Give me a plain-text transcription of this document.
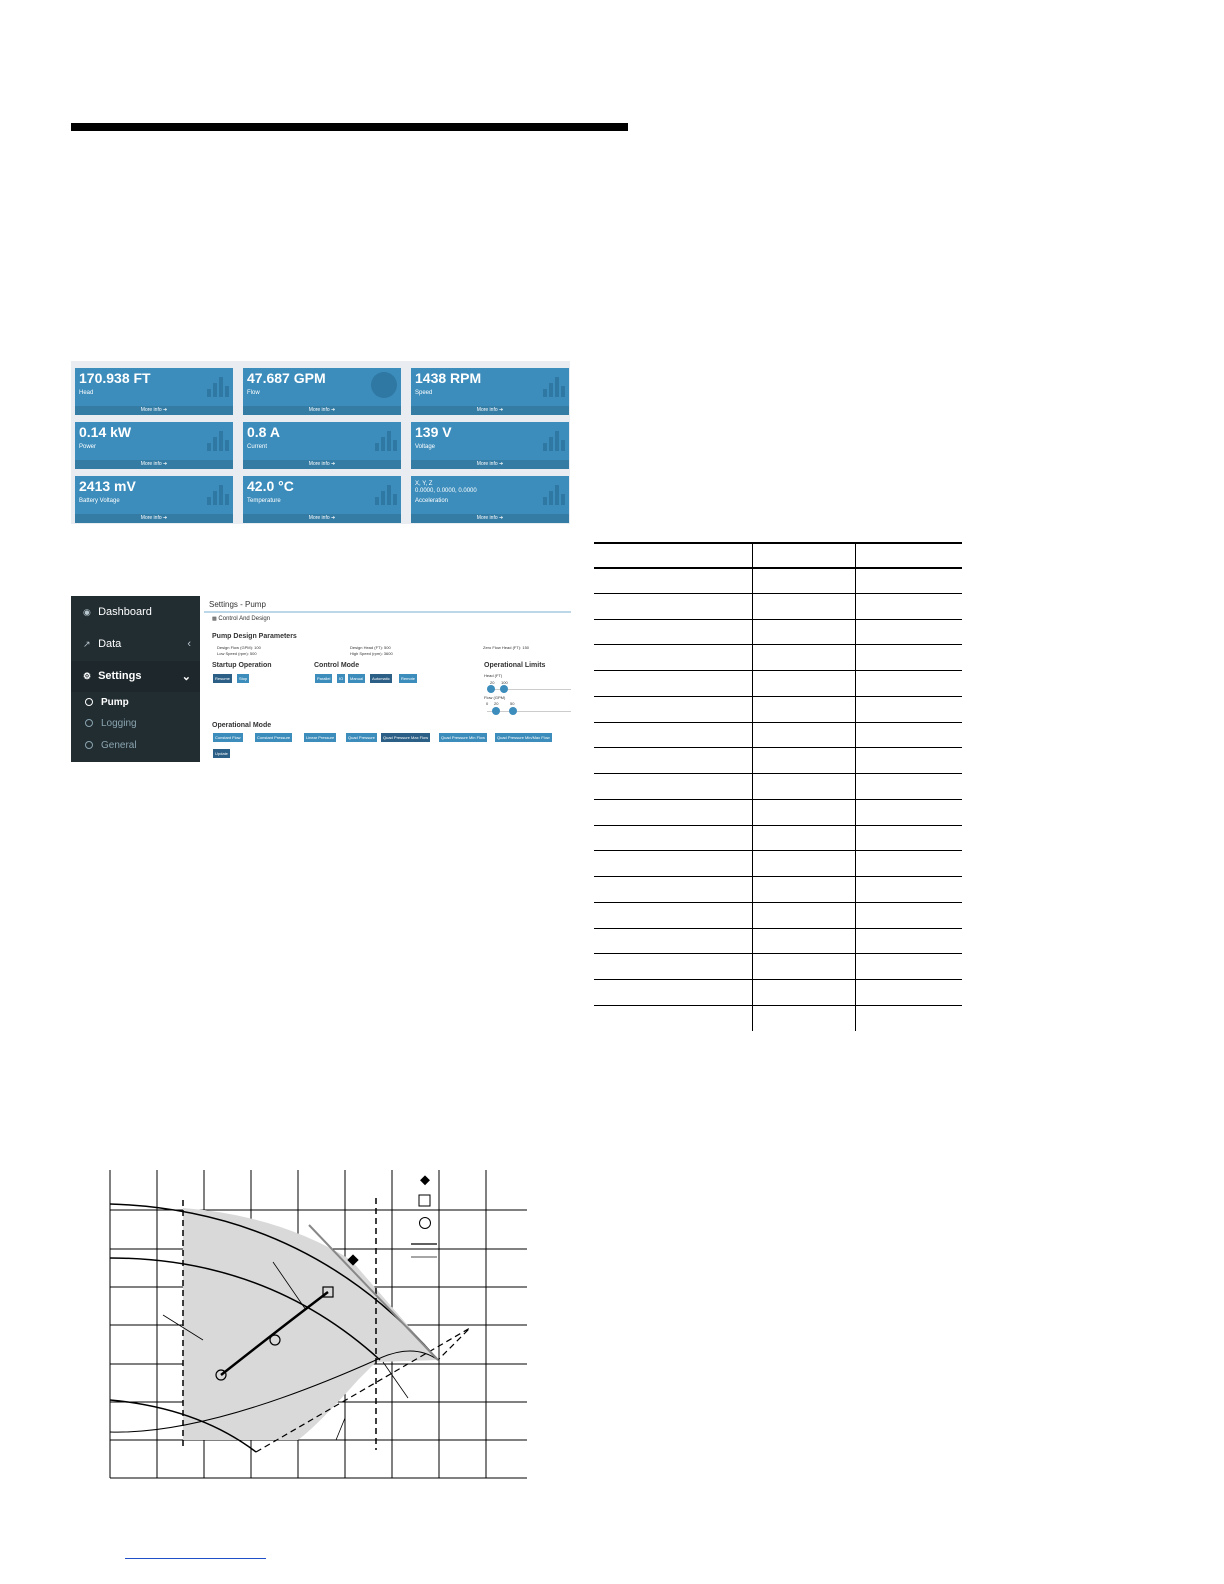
170.938 FT
Head
More info ➜
47.687 GPM
Flow
More info ➜
1438 RPM
Speed
More info ➜
0.14 kW
Power
More info ➜
0.8 A
Current
More info ➜
139 V
Voltage
More info ➜
2413 mV
Battery Voltage
More info ➜
42.0 °C
Temperature
More info ➜
X, Y, Z
0.0000, 0.0000, 0.0000
Acceleration
More info ➜
◉ Dashboard
↗ Data	‹
⚙ Settings	⌄
Pump
Logging
General
Settings - Pump
▩ Control And Design
Pump Design Parameters
Design Flow (GPM): 100
Low Speed (rpm): 500
Design Head (FT): 500
High Speed (rpm): 3600
Zero Flow Head (FT): 150
Startup Operation
Resume	Stop
Control Mode
Parallel	IO	Manual	Automatic	Remote
Operational Limits
Head (FT)
20 100
Flow (GPM)
0 20	50
Operational Mode
Constant Flow	Constant Pressure	Linear Pressure	Quad Pressure	Quad Pressure Max Flow	Quad Pressure Min Flow	Quad Pressure Min/Max Flow
Update
